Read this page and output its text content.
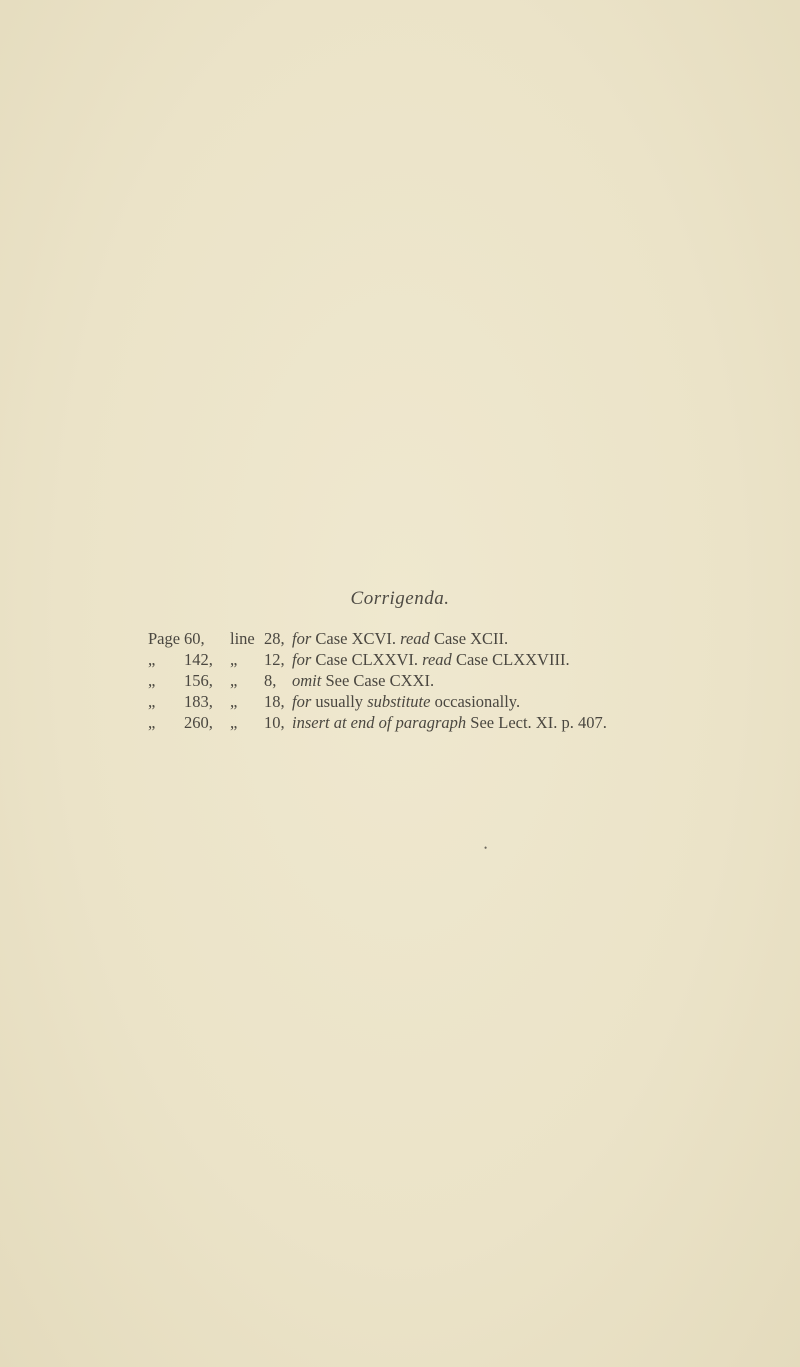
Corrigenda.
Page 60, line 28, for Case XCVI. read Case XCII.
„ 142, „ 12, for Case CLXXVI. read Case CLXXVIII.
„ 156, „ 8, omit See Case CXXI.
„ 183, „ 18, for usually substitute occasionally.
„ 260, „ 10, insert at end of paragraph See Lect. XI. p. 407.
•
